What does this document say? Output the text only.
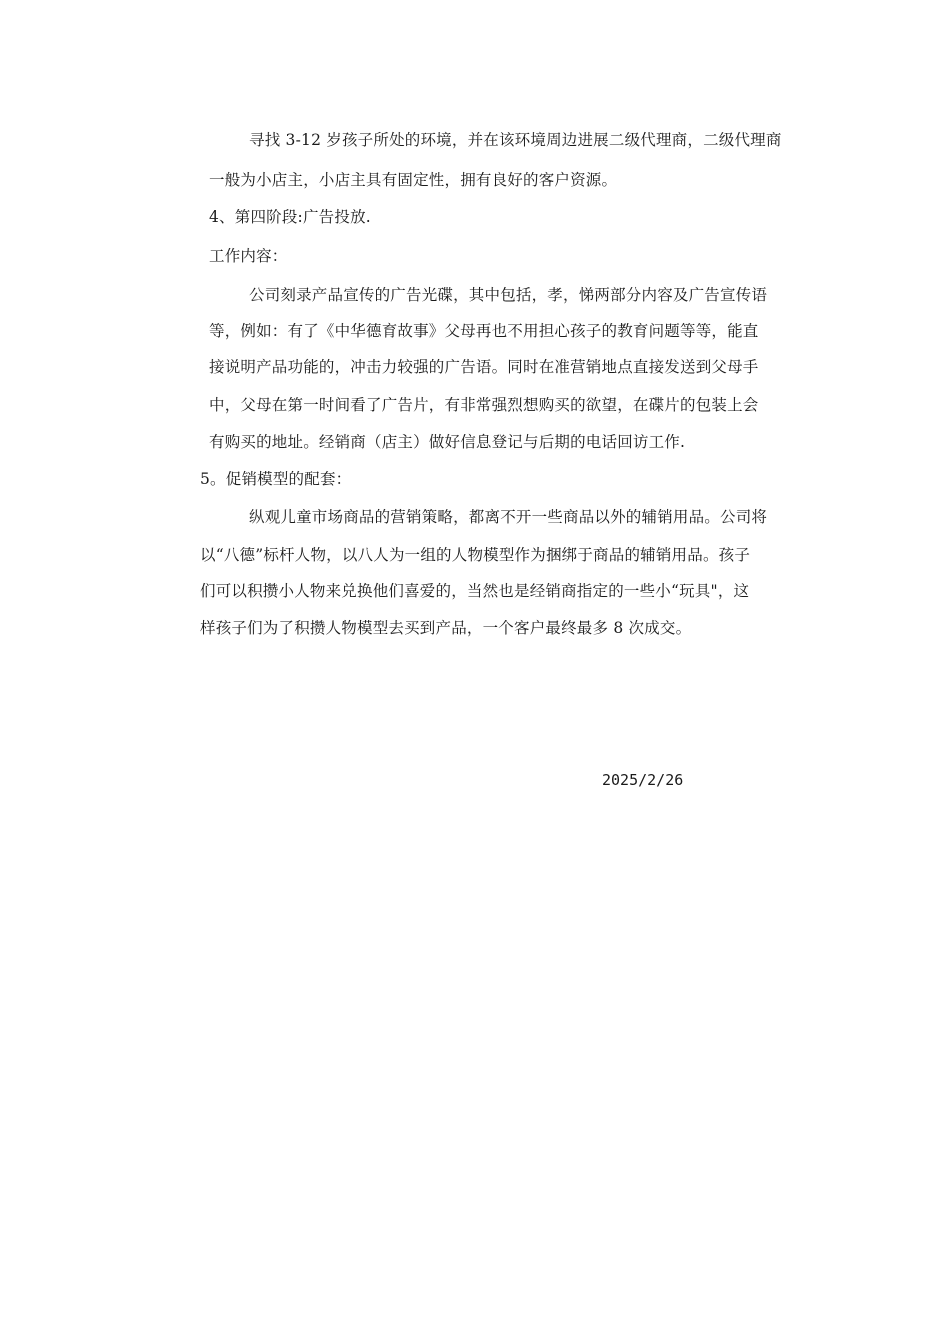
寻找 3-12 岁孩子所处的环境，并在该环境周边进展二级代理商，二级代理商
一般为小店主，小店主具有固定性，拥有良好的客户资源。
4、第四阶段:广告投放.
工作内容：
公司刻录产品宣传的广告光碟，其中包括，孝，悌两部分内容及广告宣传语
等，例如：有了《中华德育故事》父母再也不用担心孩子的教育问题等等，能直
接说明产品功能的，冲击力较强的广告语。同时在准营销地点直接发送到父母手
中，父母在第一时间看了广告片，有非常强烈想购买的欲望，在碟片的包装上会
有购买的地址。经销商（店主）做好信息登记与后期的电话回访工作.
5。促销模型的配套：
纵观儿童市场商品的营销策略，都离不开一些商品以外的辅销用品。公司将
以“八德”标杆人物，以八人为一组的人物模型作为捆绑于商品的辅销用品。孩子
们可以积攒小人物来兑换他们喜爱的，当然也是经销商指定的一些小“玩具"，这
样孩子们为了积攒人物模型去买到产品，一个客户最终最多 8 次成交。
2025/2/26
